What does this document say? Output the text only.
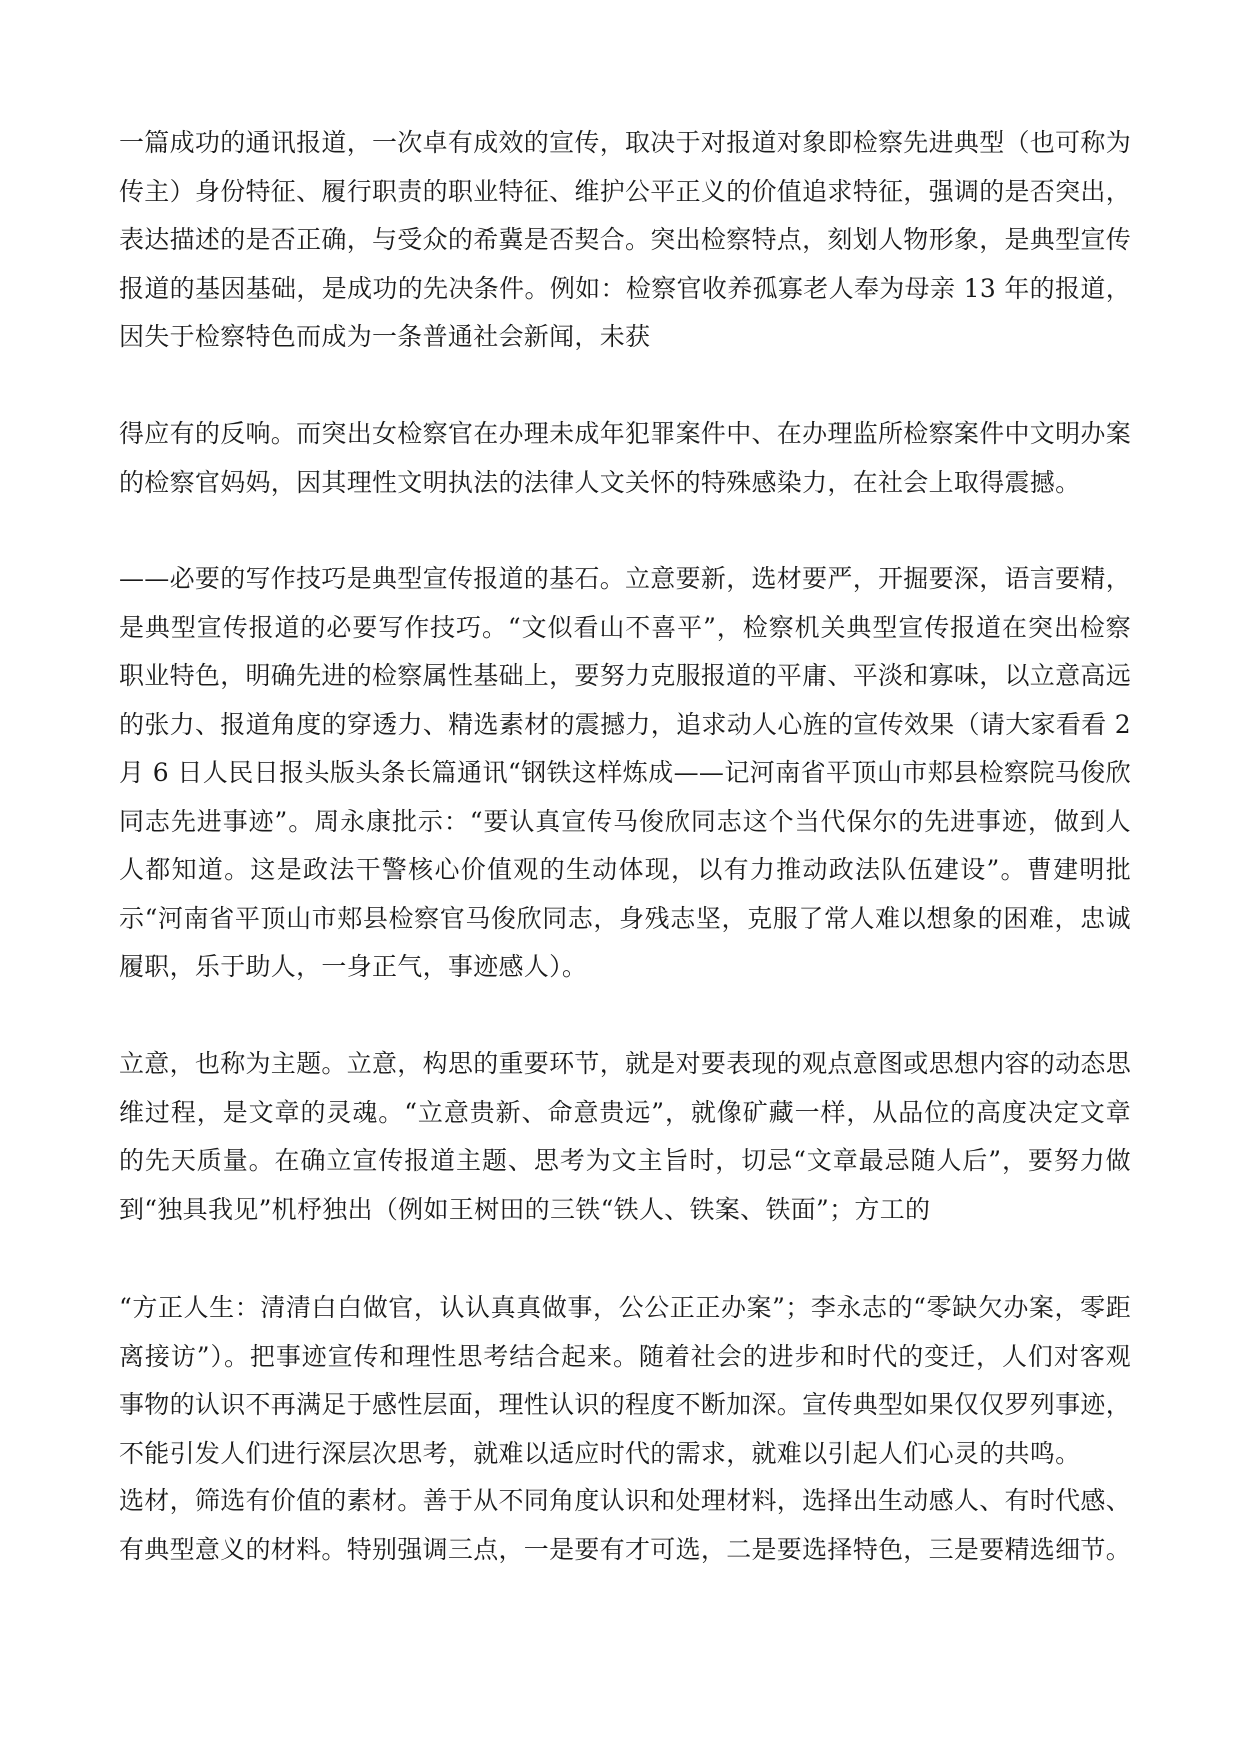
一篇成功的通讯报道，一次卓有成效的宣传，取决于对报道对象即检察先进典型（也可称为传主）身份特征、履行职责的职业特征、维护公平正义的价值追求特征，强调的是否突出，表达描述的是否正确，与受众的希冀是否契合。突出检察特点，刻划人物形象，是典型宣传报道的基因基础，是成功的先决条件。例如：检察官收养孤寡老人奉为母亲 13 年的报道，因失于检察特色而成为一条普通社会新闻，未获

得应有的反响。而突出女检察官在办理未成年犯罪案件中、在办理监所检察案件中文明办案的检察官妈妈，因其理性文明执法的法律人文关怀的特殊感染力，在社会上取得震撼。

——必要的写作技巧是典型宣传报道的基石。立意要新，选材要严，开掘要深，语言要精，是典型宣传报道的必要写作技巧。“文似看山不喜平”，检察机关典型宣传报道在突出检察职业特色，明确先进的检察属性基础上，要努力克服报道的平庸、平淡和寡味，以立意高远的张力、报道角度的穿透力、精选素材的震撼力，追求动人心旌的宣传效果（请大家看看 2 月 6 日人民日报头版头条长篇通讯“钢铁这样炼成——记河南省平顶山市郏县检察院马俊欣同志先进事迹”。周永康批示：“要认真宣传马俊欣同志这个当代保尔的先进事迹，做到人人都知道。这是政法干警核心价值观的生动体现，以有力推动政法队伍建设”。曹建明批示“河南省平顶山市郏县检察官马俊欣同志，身残志坚，克服了常人难以想象的困难，忠诚履职，乐于助人，一身正气，事迹感人）。

立意，也称为主题。立意，构思的重要环节，就是对要表现的观点意图或思想内容的动态思维过程，是文章的灵魂。“立意贵新、命意贵远”，就像矿藏一样，从品位的高度决定文章的先天质量。在确立宣传报道主题、思考为文主旨时，切忌“文章最忌随人后”，要努力做到“独具我见”机杼独出（例如王树田的三铁“铁人、铁案、铁面”；方工的

“方正人生：清清白白做官，认认真真做事，公公正正办案”；李永志的“零缺欠办案，零距离接访”）。把事迹宣传和理性思考结合起来。随着社会的进步和时代的变迁，人们对客观事物的认识不再满足于感性层面，理性认识的程度不断加深。宣传典型如果仅仅罗列事迹，不能引发人们进行深层次思考，就难以适应时代的需求，就难以引起人们心灵的共鸣。

选材，筛选有价值的素材。善于从不同角度认识和处理材料，选择出生动感人、有时代感、有典型意义的材料。特别强调三点，一是要有才可选，二是要选择特色，三是要精选细节。
